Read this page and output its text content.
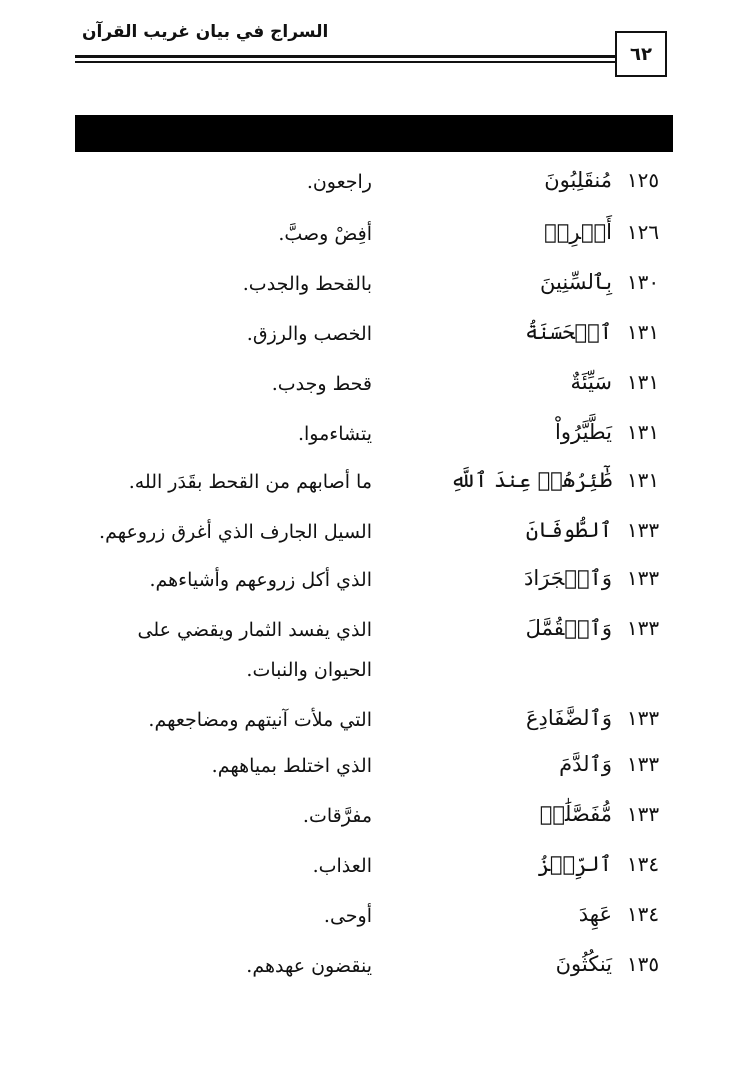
السراج في بيان غريب القرآن
٦٢
١٢٥
مُنقَلِبُونَ
راجعون.
١٢٦
أَفۡرِغۡ
أفِضْ وصبَّ.
١٣٠
بِٱلسِّنِينَ
بالقحط والجدب.
١٣١
ٱلۡحَسَنَةُ
الخصب والرزق.
١٣١
سَيِّئَةٌ
قحط وجدب.
١٣١
يَطَّيَّرُواْ
يتشاءموا.
١٣١
طَٰٓئِرُهُمۡ عِندَ ٱللَّهِ
ما أصابهم من القحط بقَدَر الله.
١٣٣
ٱلطُّوفَانَ
السيل الجارف الذي أغرق زروعهم.
١٣٣
وَٱلۡجَرَادَ
الذي أكل زروعهم وأشياءهم.
١٣٣
وَٱلۡقُمَّلَ
الذي يفسد الثمار ويقضي على الحيوان والنبات.
١٣٣
وَٱلضَّفَادِعَ
التي ملأت آنيتهم ومضاجعهم.
١٣٣
وَٱلدَّمَ
الذي اختلط بمياههم.
١٣٣
مُّفَصَّلَٰتٖ
مفرَّقات.
١٣٤
ٱلرِّجۡزُ
العذاب.
١٣٤
عَهِدَ
أوحى.
١٣٥
يَنكُثُونَ
ينقضون عهدهم.
